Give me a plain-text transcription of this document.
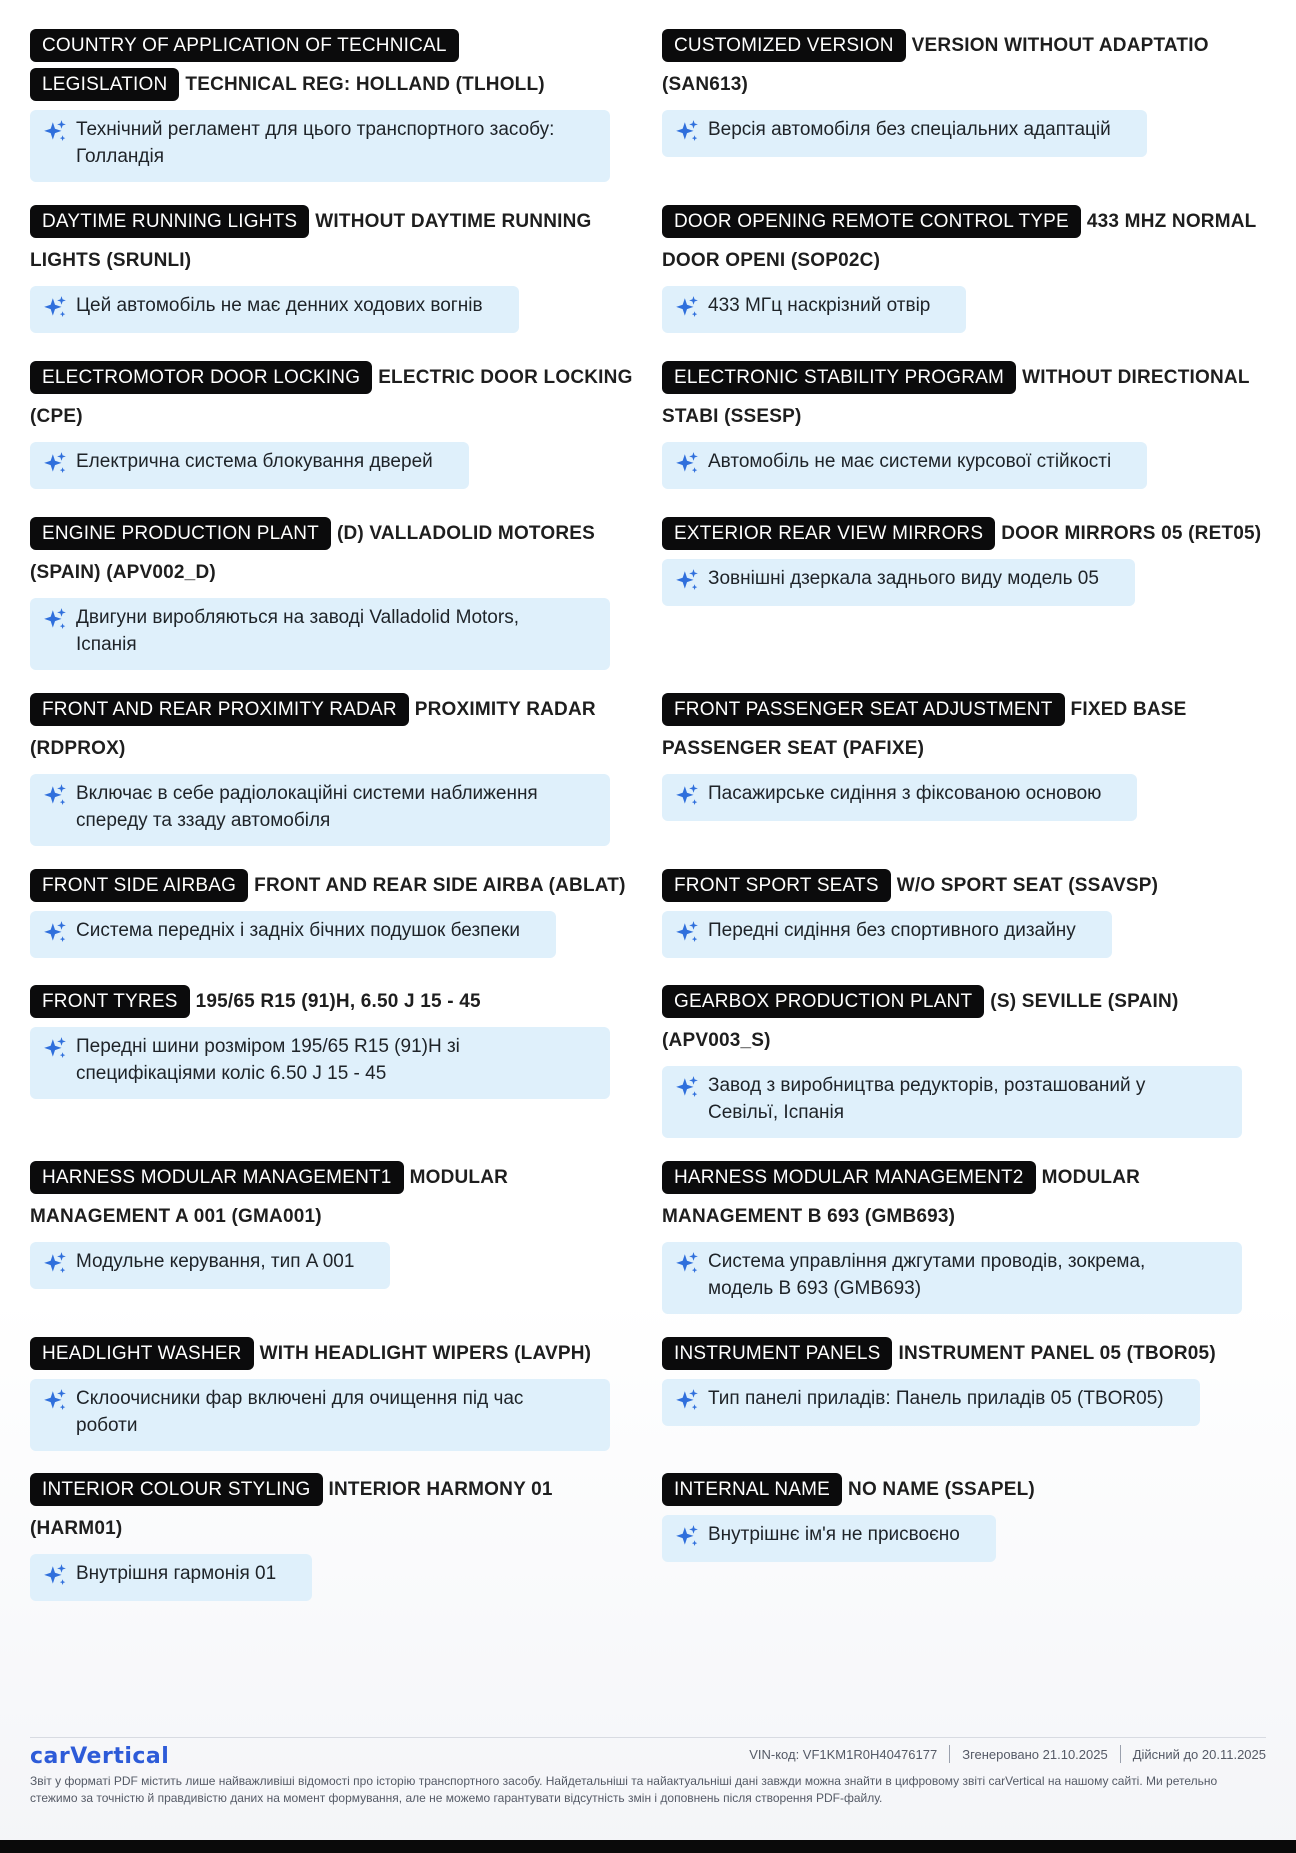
COUNTRY OF APPLICATION OF TECHNICAL LEGISLATION TECHNICAL REG: HOLLAND (TLHOLL)
Технічний регламент для цього транспортного засобу: Голландія
DAYTIME RUNNING LIGHTS WITHOUT DAYTIME RUNNING LIGHTS (SRUNLI)
Цей автомобіль не має денних ходових вогнів
ELECTROMOTOR DOOR LOCKING ELECTRIC DOOR LOCKING (CPE)
Електрична система блокування дверей
ENGINE PRODUCTION PLANT (D) VALLADOLID MOTORES (SPAIN) (APV002_D)
Двигуни виробляються на заводі Valladolid Motors, Іспанія
FRONT AND REAR PROXIMITY RADAR PROXIMITY RADAR (RDPROX)
Включає в себе радіолокаційні системи наближення спереду та ззаду автомобіля
FRONT SIDE AIRBAG FRONT AND REAR SIDE AIRBA (ABLAT)
Система передніх і задніх бічних подушок безпеки
FRONT TYRES 195/65 R15 (91)H, 6.50 J 15 - 45
Передні шини розміром 195/65 R15 (91)H зі специфікаціями коліс 6.50 J 15 - 45
HARNESS MODULAR MANAGEMENT1 MODULAR MANAGEMENT A 001 (GMA001)
Модульне керування, тип A 001
HEADLIGHT WASHER WITH HEADLIGHT WIPERS (LAVPH)
Склоочисники фар включені для очищення під час роботи
INTERIOR COLOUR STYLING INTERIOR HARMONY 01 (HARM01)
Внутрішня гармонія 01
CUSTOMIZED VERSION VERSION WITHOUT ADAPTATIO (SAN613)
Версія автомобіля без спеціальних адаптацій
DOOR OPENING REMOTE CONTROL TYPE 433 MHZ NORMAL DOOR OPENI (SOP02C)
433 МГц наскрізний отвір
ELECTRONIC STABILITY PROGRAM WITHOUT DIRECTIONAL STABI (SSESP)
Автомобіль не має системи курсової стійкості
EXTERIOR REAR VIEW MIRRORS DOOR MIRRORS 05 (RET05)
Зовнішні дзеркала заднього виду модель 05
FRONT PASSENGER SEAT ADJUSTMENT FIXED BASE PASSENGER SEAT (PAFIXE)
Пасажирське сидіння з фіксованою основою
FRONT SPORT SEATS W/O SPORT SEAT (SSAVSP)
Передні сидіння без спортивного дизайну
GEARBOX PRODUCTION PLANT (S) SEVILLE (SPAIN) (APV003_S)
Завод з виробництва редукторів, розташований у Севільї, Іспанія
HARNESS MODULAR MANAGEMENT2 MODULAR MANAGEMENT B 693 (GMB693)
Система управління джгутами проводів, зокрема, модель B 693 (GMB693)
INSTRUMENT PANELS INSTRUMENT PANEL 05 (TBOR05)
Тип панелі приладів: Панель приладів 05 (TBOR05)
INTERNAL NAME NO NAME (SSAPEL)
Внутрішнє ім'я не присвоєно
carVertical	VIN-код: VF1KM1R0H40476177 Згенеровано 21.10.2025 Дійсний до 20.11.2025
Звіт у форматі PDF містить лише найважливіші відомості про історію транспортного засобу. Найдетальніші та найактуальніші дані завжди можна знайти в цифровому звіті carVertical на нашому сайті. Ми ретельно стежимо за точністю й правдивістю даних на момент формування, але не можемо гарантувати відсутність змін і доповнень після створення PDF-файлу.
